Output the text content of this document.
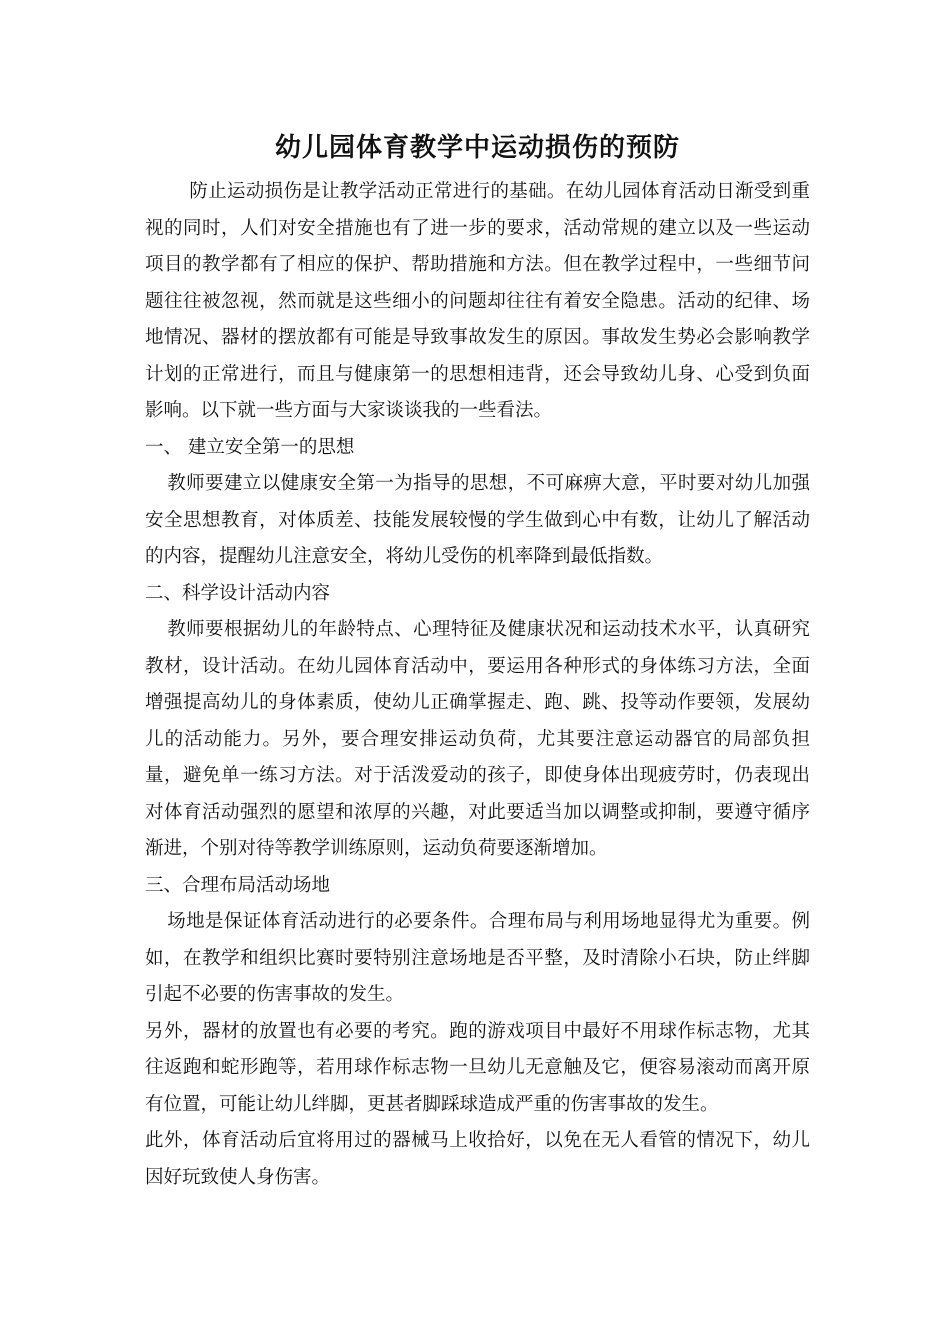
幼儿园体育教学中运动损伤的预防

防止运动损伤是让教学活动正常进行的基础。在幼儿园体育活动日渐受到重视的同时，人们对安全措施也有了进一步的要求，活动常规的建立以及一些运动项目的教学都有了相应的保护、帮助措施和方法。但在教学过程中，一些细节问题往往被忽视，然而就是这些细小的问题却往往有着安全隐患。活动的纪律、场地情况、器材的摆放都有可能是导致事故发生的原因。事故发生势必会影响教学计划的正常进行，而且与健康第一的思想相违背，还会导致幼儿身、心受到负面影响。以下就一些方面与大家谈谈我的一些看法。

一、 建立安全第一的思想

教师要建立以健康安全第一为指导的思想，不可麻痹大意，平时要对幼儿加强安全思想教育，对体质差、技能发展较慢的学生做到心中有数，让幼儿了解活动的内容，提醒幼儿注意安全，将幼儿受伤的机率降到最低指数。

二、科学设计活动内容

教师要根据幼儿的年龄特点、心理特征及健康状况和运动技术水平，认真研究教材，设计活动。在幼儿园体育活动中，要运用各种形式的身体练习方法，全面增强提高幼儿的身体素质，使幼儿正确掌握走、跑、跳、投等动作要领，发展幼儿的活动能力。另外，要合理安排运动负荷，尤其要注意运动器官的局部负担量，避免单一练习方法。对于活泼爱动的孩子，即使身体出现疲劳时，仍表现出对体育活动强烈的愿望和浓厚的兴趣，对此要适当加以调整或抑制，要遵守循序渐进，个别对待等教学训练原则，运动负荷要逐渐增加。

三、合理布局活动场地

场地是保证体育活动进行的必要条件。合理布局与利用场地显得尤为重要。例如，在教学和组织比赛时要特别注意场地是否平整，及时清除小石块，防止绊脚引起不必要的伤害事故的发生。

另外，器材的放置也有必要的考究。跑的游戏项目中最好不用球作标志物，尤其往返跑和蛇形跑等，若用球作标志物一旦幼儿无意触及它，便容易滚动而离开原有位置，可能让幼儿绊脚，更甚者脚踩球造成严重的伤害事故的发生。

此外，体育活动后宜将用过的器械马上收拾好，以免在无人看管的情况下，幼儿因好玩致使人身伤害。
